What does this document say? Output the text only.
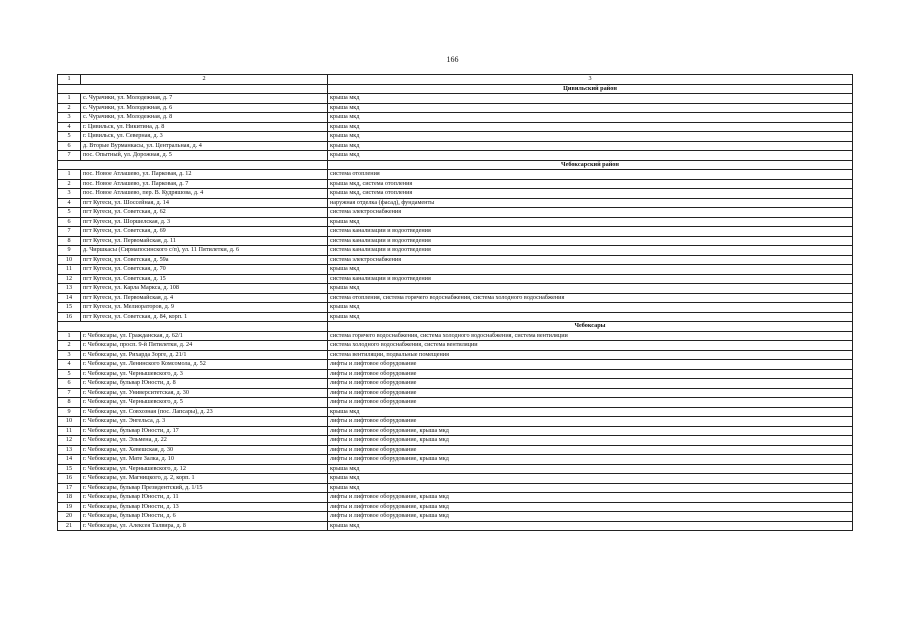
166
1	2	3
		Цивильский район
1	с. Чурачики, ул. Молодежная, д. 7	крыша мкд
2	с. Чурачики, ул. Молодежная, д. 6	крыша мкд
3	с. Чурачики, ул. Молодежная, д. 8	крыша мкд
4	г. Цивильск, ул. Никитина, д. 8	крыша мкд
5	г. Цивильск, ул. Северная, д. 3	крыша мкд
6	д. Вторые Вурманкасы, ул. Центральная, д. 4	крыша мкд
7	пос. Опытный, ул. Дорожная, д. 5	крыша мкд
		Чебоксарский район
1	пос. Новое Атлашево, ул. Парковая, д. 12	система отопления
2	пос. Новое Атлашево, ул. Парковая, д. 7	крыша мкд, система отопления
3	пос. Новое Атлашево, пер. В. Кудряшова, д. 4	крыша мкд, система отопления
4	пгт Кугеси, ул. Шоссейная, д. 14	наружная отделка (фасад), фундаменты
5	пгт Кугеси, ул. Советская, д. 62	система электроснабжения
6	пгт Кугеси, ул. Шоршелская, д. 3	крыша мкд
7	пгт Кугеси, ул. Советская, д. 69	система канализации и водоотведения
8	пгт Кугеси, ул. Первомайская, д. 11	система канализации и водоотведения
9	д. Чиршкасы (Сирмапосинского с/п), ул. 11 Пятилетки, д. 6	система канализации и водоотведения
10	пгт Кугеси, ул. Советская, д. 59а	система электроснабжения
11	пгт Кугеси, ул. Советская, д. 70	крыша мкд
12	пгт Кугеси, ул. Советская, д. 15	система канализации и водоотведения
13	пгт Кугеси, ул. Карла Маркса, д. 108	крыша мкд
14	пгт Кугеси, ул. Первомайская, д. 4	система отопления, система горячего водоснабжения, система холодного водоснабжения
15	пгт Кугеси, ул. Мелиораторов, д. 9	крыша мкд
16	пгт Кугеси, ул. Советская, д. 84, корп. 1	крыша мкд
		Чебоксары
1	г. Чебоксары, ул. Гражданская, д. 62/1	система горячего водоснабжения, система холодного водоснабжения, система вентиляции
2	г. Чебоксары, просп. 9-й Пятилетки, д. 24	система холодного водоснабжения, система вентиляции
3	г. Чебоксары, ул. Рихарда Зорге, д. 21/1	система вентиляции, подвальные помещения
4	г. Чебоксары, ул. Ленинского Комсомола, д. 52	лифты и лифтовое оборудование
5	г. Чебоксары, ул. Чернышевского, д. 3	лифты и лифтовое оборудование
6	г. Чебоксары, бульвар Юности, д. 8	лифты и лифтовое оборудование
7	г. Чебоксары, ул. Университетская, д. 30	лифты и лифтовое оборудование
8	г. Чебоксары, ул. Чернышевского, д. 5	лифты и лифтовое оборудование
9	г. Чебоксары, ул. Совхозная (пос. Лапсары), д. 23	крыша мкд
10	г. Чебоксары, ул. Энгельса, д. 3	лифты и лифтовое оборудование
11	г. Чебоксары, бульвар Юности, д. 17	лифты и лифтовое оборудование, крыша мкд
12	г. Чебоксары, ул. Эльмена, д. 22	лифты и лифтовое оборудование, крыша мкд
13	г. Чебоксары, ул. Хевешская, д. 30	лифты и лифтовое оборудование
14	г. Чебоксары, ул. Мате Залка, д. 10	лифты и лифтовое оборудование, крыша мкд
15	г. Чебоксары, ул. Чернышевского, д. 12	крыша мкд
16	г. Чебоксары, ул. Магницкого, д. 2, корп. 1	крыша мкд
17	г. Чебоксары, бульвар Президентский, д. 1/15	крыша мкд
18	г. Чебоксары, бульвар Юности, д. 11	лифты и лифтовое оборудование, крыша мкд
19	г. Чебоксары, бульвар Юности, д. 13	лифты и лифтовое оборудование, крыша мкд
20	г. Чебоксары, бульвар Юности, д. 6	лифты и лифтовое оборудование, крыша мкд
21	г. Чебоксары, ул. Алексея Талвира, д. 8	крыша мкд
